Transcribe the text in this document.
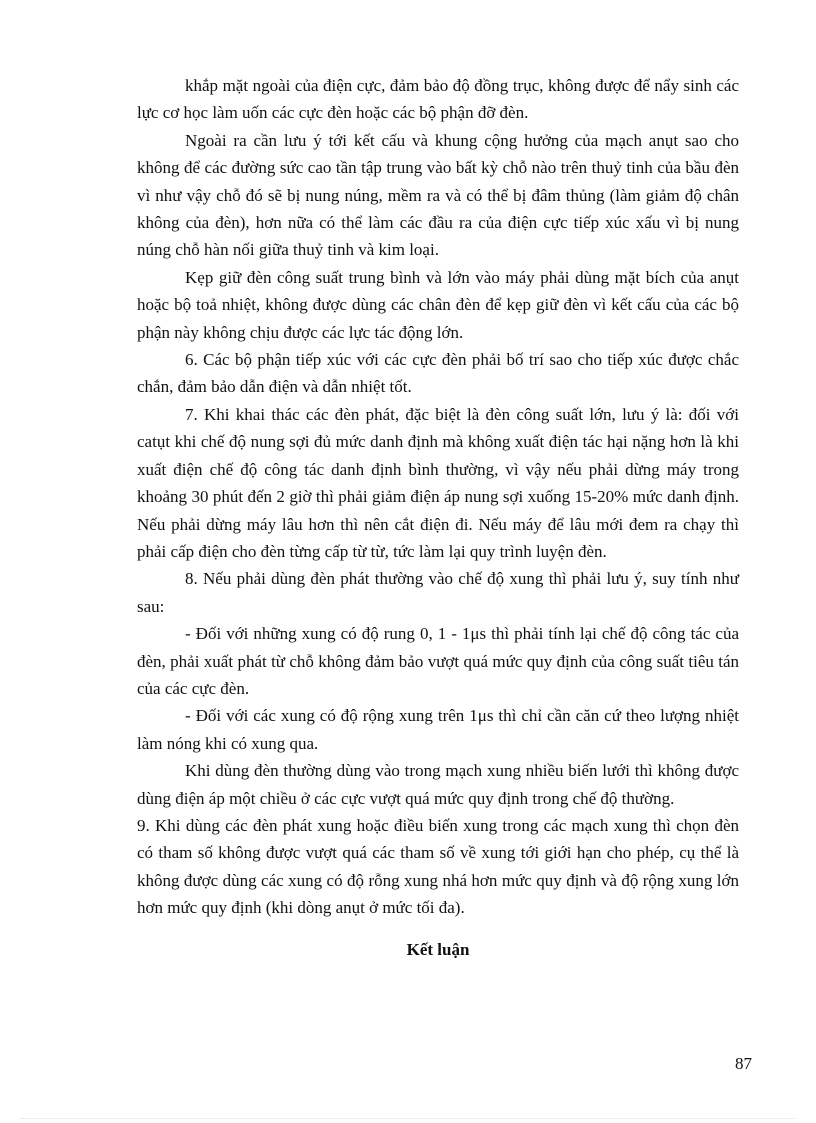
khắp mặt ngoài của điện cực, đảm bảo độ đồng trục, không được để nẩy sinh các lực cơ học làm uốn các cực đèn hoặc các bộ phận đỡ đèn.

Ngoài ra cần lưu ý tới kết cấu và khung cộng hưởng của mạch anụt sao cho không để các đường sức cao tần tập trung vào bất kỳ chỗ nào trên thuỷ tinh của bầu đèn vì như vậy chỗ đó sẽ bị nung núng, mềm ra và có thể bị đâm thủng (làm giảm độ chân không của đèn), hơn nữa có thể làm các đầu ra của điện cực tiếp xúc xấu vì bị nung núng chỗ hàn nối giữa thuỷ tinh và kim loại.

Kẹp giữ đèn công suất trung bình và lớn vào máy phải dùng mặt bích của anụt hoặc bộ toả nhiệt, không được dùng các chân đèn để kẹp giữ đèn vì kết cấu của các bộ phận này không chịu được các lực tác động lớn.

6. Các bộ phận tiếp xúc với các cực đèn phải bố trí sao cho tiếp xúc được chắc chắn, đảm bảo dẫn điện và dẫn nhiệt tốt.

7. Khi khai thác các đèn phát, đặc biệt là đèn công suất lớn, lưu ý là: đối với catụt khi chế độ nung sợi đủ mức danh định mà không xuất điện tác hại nặng hơn là khi xuất điện chế độ công tác danh định bình thường, vì vậy nếu phải dừng máy trong khoảng 30 phút đến 2 giờ thì phải giảm điện áp nung sợi xuống 15-20% mức danh định. Nếu phải dừng máy lâu hơn thì nên cắt điện đi. Nếu máy để lâu mới đem ra chạy thì phải cấp điện cho đèn từng cấp từ từ, tức làm lại quy trình luyện đèn.

8. Nếu phải dùng đèn phát thường vào chế độ xung thì phải lưu ý, suy tính như sau:

- Đối với những xung có độ rung 0, 1 - 1μs thì phải tính lại chế độ công tác của đèn, phải xuất phát từ chỗ không đảm bảo vượt quá mức quy định của công suất tiêu tán của các cực đèn.

- Đối với các xung có độ rộng xung trên 1μs thì chỉ cần căn cứ theo lượng nhiệt làm nóng khi có xung qua.

Khi dùng đèn thường dùng vào trong mạch xung nhiều biến lưới thì không được dùng điện áp một chiều ở các cực vượt quá mức quy định trong chế độ thường.

9. Khi dùng các đèn phát xung hoặc điều biến xung trong các mạch xung thì chọn đèn có tham số không được vượt quá các tham số về xung tới giới hạn cho phép, cụ thể là không được dùng các xung có độ rỗng xung nhá hơn mức quy định và độ rộng xung lớn hơn mức quy định (khi dòng anụt ở mức tối đa).

Kết luận

87
